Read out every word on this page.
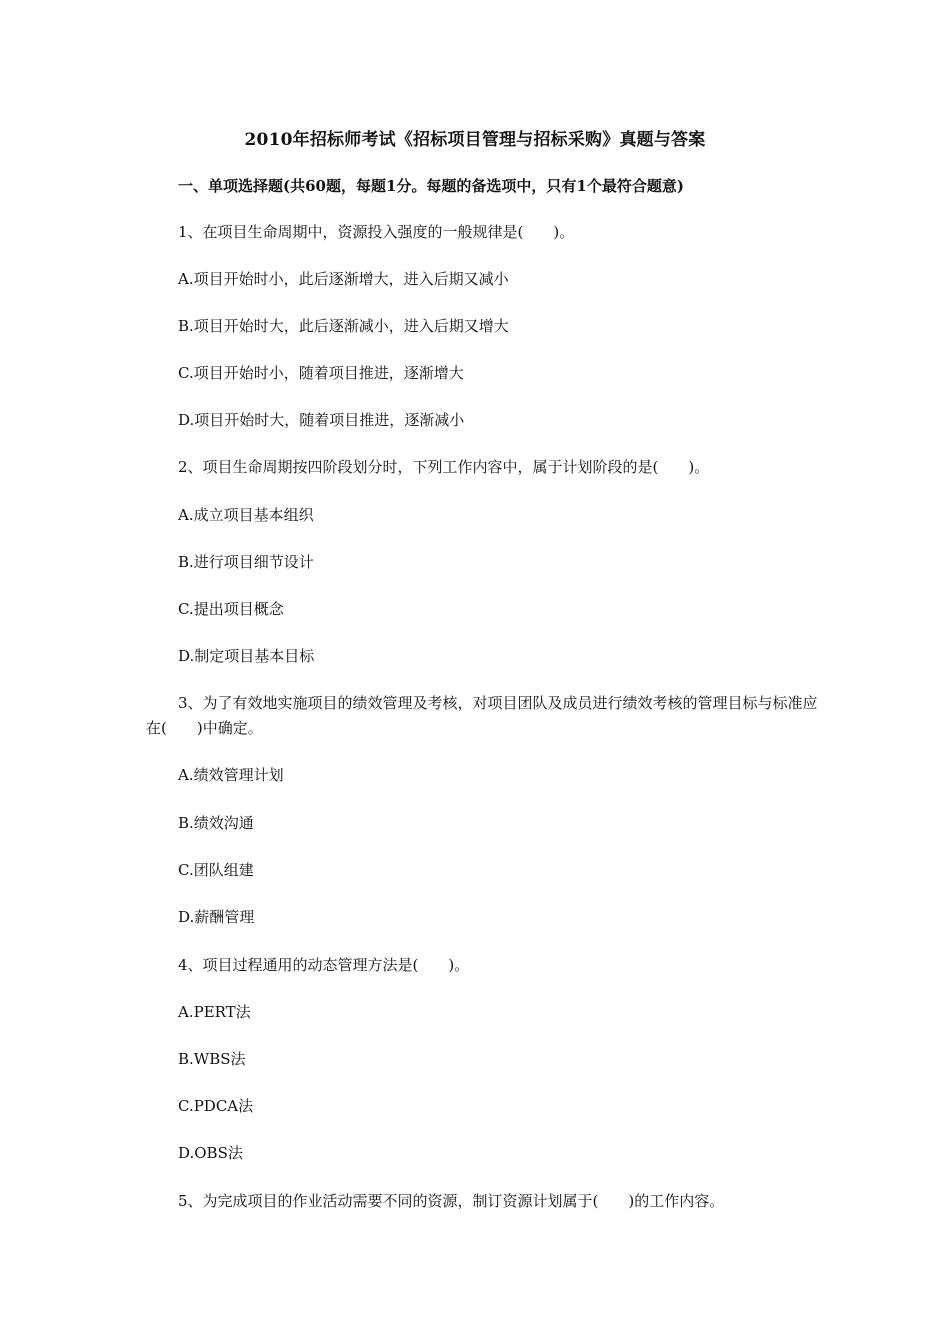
2010年招标师考试《招标项目管理与招标采购》真题与答案
一、单项选择题(共60题，每题1分。每题的备选项中，只有1个最符合题意)
1、在项目生命周期中，资源投入强度的一般规律是(　　)。
A.项目开始时小，此后逐渐增大，进入后期又减小
B.项目开始时大，此后逐渐减小，进入后期又增大
C.项目开始时小，随着项目推进，逐渐增大
D.项目开始时大，随着项目推进，逐渐减小
2、项目生命周期按四阶段划分时，下列工作内容中，属于计划阶段的是(　　)。
A.成立项目基本组织
B.进行项目细节设计
C.提出项目概念
D.制定项目基本目标
3、为了有效地实施项目的绩效管理及考核，对项目团队及成员进行绩效考核的管理目标与标准应 在(　　)中确定。
A.绩效管理计划
B.绩效沟通
C.团队组建
D.薪酬管理
4、项目过程通用的动态管理方法是(　　)。
A.PERT法
B.WBS法
C.PDCA法
D.OBS法
5、为完成项目的作业活动需要不同的资源，制订资源计划属于(　　)的工作内容。
